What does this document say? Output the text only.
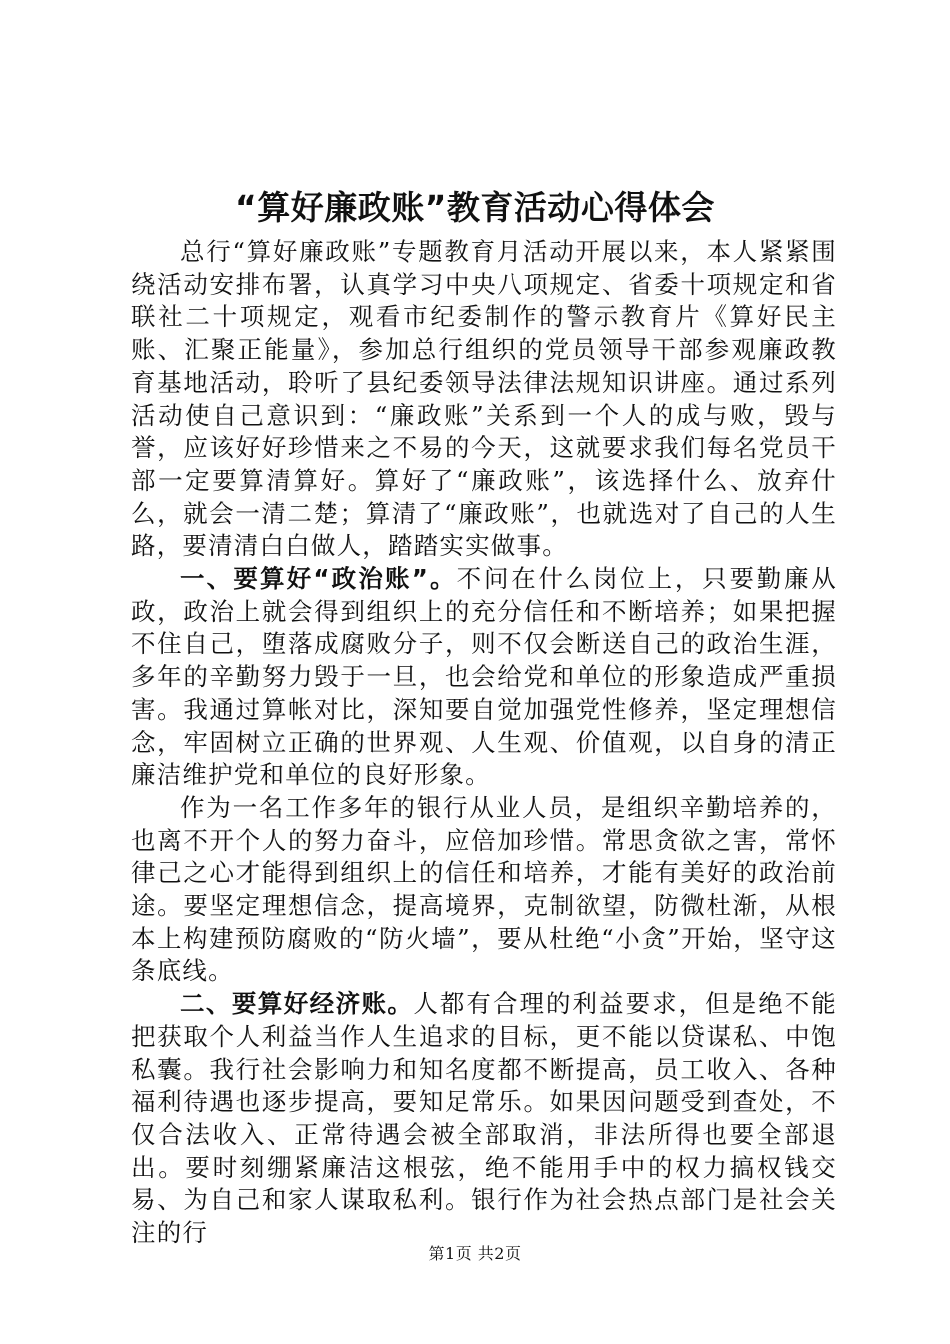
“算好廉政账”教育活动心得体会

总行“算好廉政账”专题教育月活动开展以来，本人紧紧围绕活动安排布署，认真学习中央八项规定、省委十项规定和省联社二十项规定，观看市纪委制作的警示教育片《算好民主账、汇聚正能量》，参加总行组织的党员领导干部参观廉政教育基地活动，聆听了县纪委领导法律法规知识讲座。通过系列活动使自己意识到：“廉政账”关系到一个人的成与败，毁与誉，应该好好珍惜来之不易的今天，这就要求我们每名党员干部一定要算清算好。算好了“廉政账”，该选择什么、放弃什么，就会一清二楚；算清了“廉政账”，也就选对了自己的人生路，要清清白白做人，踏踏实实做事。

一、要算好“政治账”。不问在什么岗位上，只要勤廉从政，政治上就会得到组织上的充分信任和不断培养；如果把握不住自己，堕落成腐败分子，则不仅会断送自己的政治生涯，多年的辛勤努力毁于一旦，也会给党和单位的形象造成严重损害。我通过算帐对比，深知要自觉加强党性修养，坚定理想信念，牢固树立正确的世界观、人生观、价值观，以自身的清正廉洁维护党和单位的良好形象。

作为一名工作多年的银行从业人员，是组织辛勤培养的，也离不开个人的努力奋斗，应倍加珍惜。常思贪欲之害，常怀律己之心才能得到组织上的信任和培养，才能有美好的政治前途。要坚定理想信念，提高境界，克制欲望，防微杜渐，从根本上构建预防腐败的“防火墙”，要从杜绝“小贪”开始，坚守这条底线。

二、要算好经济账。人都有合理的利益要求，但是绝不能把获取个人利益当作人生追求的目标，更不能以贷谋私、中饱私囊。我行社会影响力和知名度都不断提高，员工收入、各种福利待遇也逐步提高，要知足常乐。如果因问题受到查处，不仅合法收入、正常待遇会被全部取消，非法所得也要全部退出。要时刻绷紧廉洁这根弦，绝不能用手中的权力搞权钱交易、为自己和家人谋取私利。银行作为社会热点部门是社会关注的行

第1页 共2页
